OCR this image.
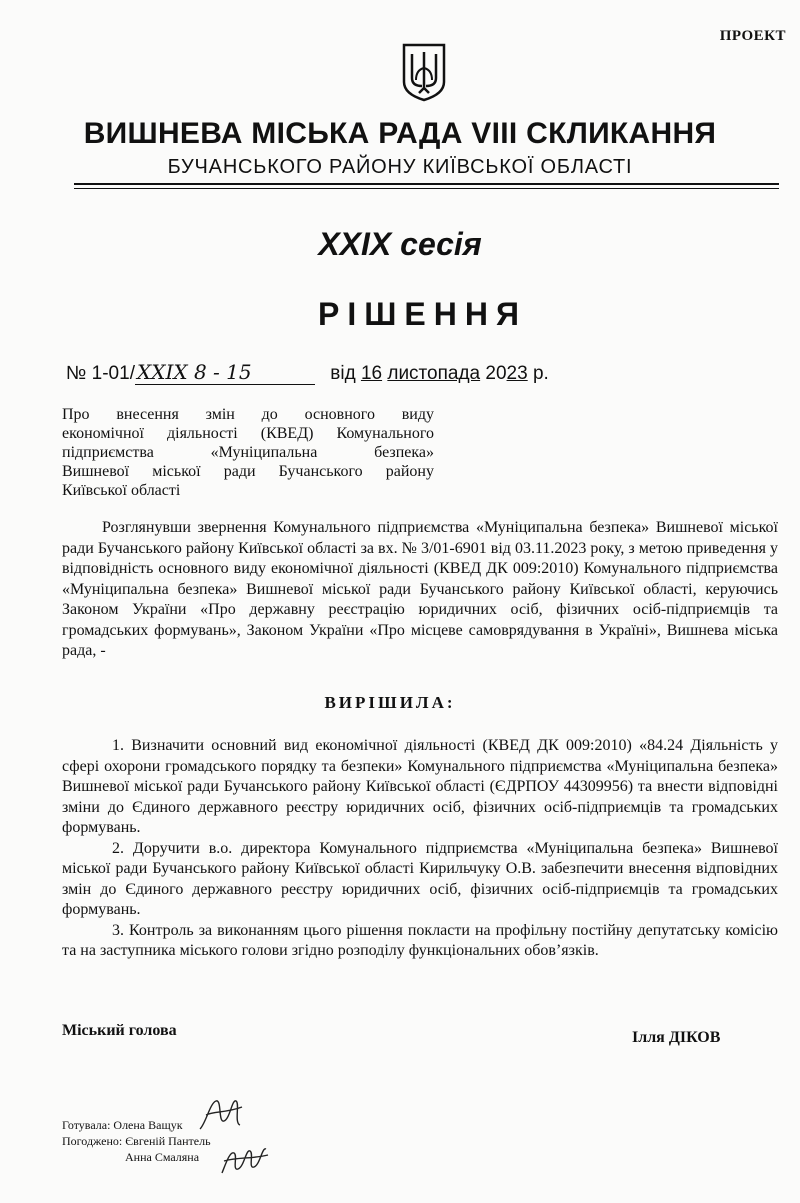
ПРОЕКТ
ВИШНЕВА МІСЬКА РАДА VIII СКЛИКАННЯ
БУЧАНСЬКОГО РАЙОНУ КИЇВСЬКОЇ ОБЛАСТІ
XXIX сесія
РІШЕННЯ
№ 1-01/ XXIX 8 - 15	від 16 листопада 2023 р.
Про внесення змін до основного виду
економічної діяльності (КВЕД) Комунального
підприємства «Муніципальна безпека»
Вишневої міської ради Бучанського району
Київської області

Розглянувши звернення Комунального підприємства «Муніципальна безпека» Вишневої міської ради Бучанського району Київської області за вх. № 3/01-6901 від 03.11.2023 року, з метою приведення у відповідність основного виду економічної діяльності (КВЕД ДК 009:2010) Комунального підприємства «Муніципальна безпека» Вишневої міської ради Бучанського району Київської області, керуючись Законом України «Про державну реєстрацію юридичних осіб, фізичних осіб-підприємців та громадських формувань», Законом України «Про місцеве самоврядування в Україні», Вишнева міська рада, -

ВИРІШИЛА:

1. Визначити основний вид економічної діяльності (КВЕД ДК 009:2010) «84.24 Діяльність у сфері охорони громадського порядку та безпеки» Комунального підприємства «Муніципальна безпека» Вишневої міської ради Бучанського району Київської області (ЄДРПОУ 44309956) та внести відповідні зміни до Єдиного державного реєстру юридичних осіб, фізичних осіб-підприємців та громадських формувань.

2. Доручити в.о. директора Комунального підприємства «Муніципальна безпека» Вишневої міської ради Бучанського району Київської області Кирильчуку О.В. забезпечити внесення відповідних змін до Єдиного державного реєстру юридичних осіб, фізичних осіб-підприємців та громадських формувань.

3. Контроль за виконанням цього рішення покласти на профільну постійну депутатську комісію та на заступника міського голови згідно розподілу функціональних обов’язків.

Міський голова	Ілля ДІКОВ
Готувала: Олена Ващук
Погоджено: Євгеній Пантель
Анна Смаляна
